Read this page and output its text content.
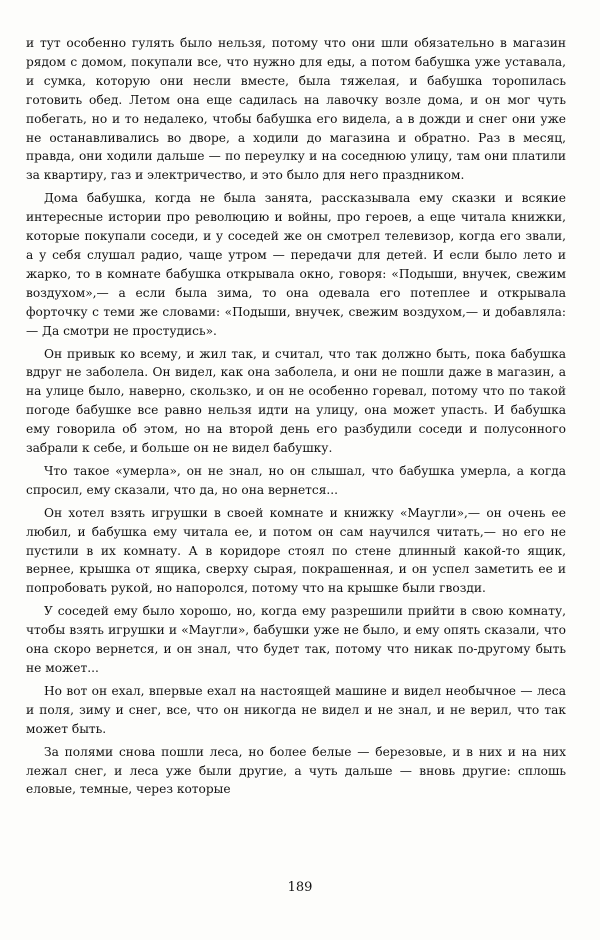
и тут особенно гулять было нельзя, потому что они шли обязательно в магазин рядом с домом, покупали все, что нужно для еды, а потом бабушка уже уставала, и сумка, которую они несли вместе, была тяжелая, и бабушка торопилась готовить обед. Летом она еще садилась на лавочку возле дома, и он мог чуть побегать, но и то недалеко, чтобы бабушка его видела, а в дожди и снег они уже не останавливались во дворе, а ходили до магазина и обратно. Раз в месяц, правда, они ходили дальше — по переулку и на соседнюю улицу, там они платили за квартиру, газ и электричество, и это было для него праздником.

Дома бабушка, когда не была занята, рассказывала ему сказки и всякие интересные истории про революцию и войны, про героев, а еще читала книжки, которые покупали соседи, и у соседей же он смотрел телевизор, когда его звали, а у себя слушал радио, чаще утром — передачи для детей. И если было лето и жарко, то в комнате бабушка открывала окно, говоря: «Подыши, внучек, свежим воздухом»,— а если была зима, то она одевала его потеплее и открывала форточку с теми же словами: «Подыши, внучек, свежим воздухом,— и добавляла: — Да смотри не простудись».

Он привык ко всему, и жил так, и считал, что так должно быть, пока бабушка вдруг не заболела. Он видел, как она заболела, и они не пошли даже в магазин, а на улице было, наверно, скользко, и он не особенно горевал, потому что по такой погоде бабушке все равно нельзя идти на улицу, она может упасть. И бабушка ему говорила об этом, но на второй день его разбудили соседи и полусонного забрали к себе, и больше он не видел бабушку.

Что такое «умерла», он не знал, но он слышал, что бабушка умерла, а когда спросил, ему сказали, что да, но она вернется...

Он хотел взять игрушки в своей комнате и книжку «Маугли»,— он очень ее любил, и бабушка ему читала ее, и потом он сам научился читать,— но его не пустили в их комнату. А в коридоре стоял по стене длинный какой-то ящик, вернее, крышка от ящика, сверху сырая, покрашенная, и он успел заметить ее и попробовать рукой, но напоролся, потому что на крышке были гвозди.

У соседей ему было хорошо, но, когда ему разрешили прийти в свою комнату, чтобы взять игрушки и «Маугли», бабушки уже не было, и ему опять сказали, что она скоро вернется, и он знал, что будет так, потому что никак по-другому быть не может...

Но вот он ехал, впервые ехал на настоящей машине и видел необычное — леса и поля, зиму и снег, все, что он никогда не видел и не знал, и не верил, что так может быть.

За полями снова пошли леса, но более белые — березовые, и в них и на них лежал снег, и леса уже были другие, а чуть дальше — вновь другие: сплошь еловые, темные, через которые

189
